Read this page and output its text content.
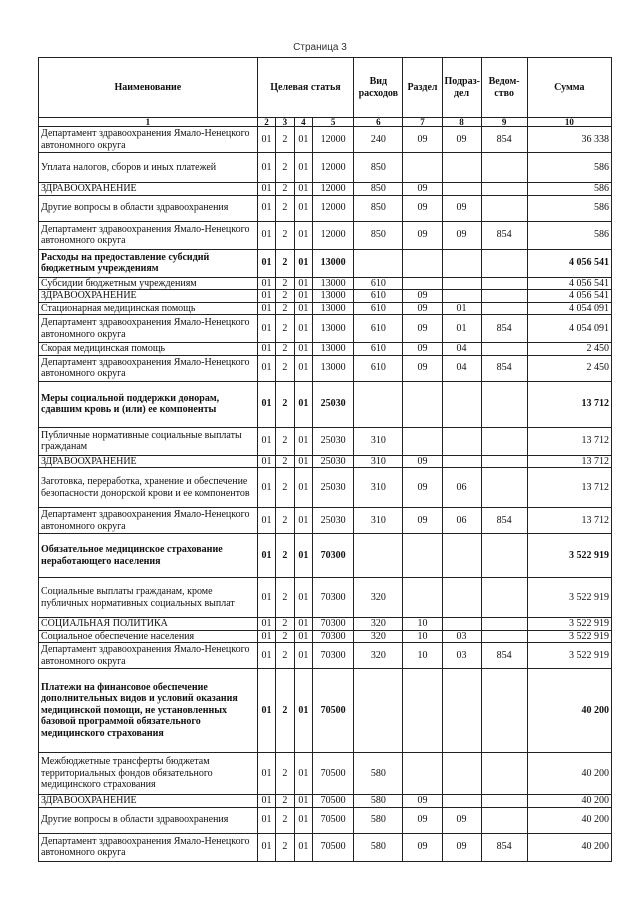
Страница 3
Наименование	Целевая статья				Вид расходов	Раздел	Подраз-дел	Ведом-ство	Сумма
1	2	3	4	5	6	7	8	9	10
Департамент здравоохранения Ямало-Ненецкого автономного округа	01	2	01	12000	240	09	09	854	36 338
Уплата налогов, сборов и иных платежей	01	2	01	12000	850				586
ЗДРАВООХРАНЕНИЕ	01	2	01	12000	850	09			586
Другие вопросы в области здравоохранения	01	2	01	12000	850	09	09		586
Департамент здравоохранения Ямало-Ненецкого автономного округа	01	2	01	12000	850	09	09	854	586
Расходы на предоставление субсидий бюджетным учреждениям	01	2	01	13000					4 056 541
Субсидии бюджетным учреждениям	01	2	01	13000	610				4 056 541
ЗДРАВООХРАНЕНИЕ	01	2	01	13000	610	09			4 056 541
Стационарная медицинская помощь	01	2	01	13000	610	09	01		4 054 091
Департамент здравоохранения Ямало-Ненецкого автономного округа	01	2	01	13000	610	09	01	854	4 054 091
Скорая медицинская помощь	01	2	01	13000	610	09	04		2 450
Департамент здравоохранения Ямало-Ненецкого автономного округа	01	2	01	13000	610	09	04	854	2 450
Меры социальной поддержки донорам, сдавшим кровь и (или) ее компоненты	01	2	01	25030					13 712
Публичные нормативные социальные выплаты гражданам	01	2	01	25030	310				13 712
ЗДРАВООХРАНЕНИЕ	01	2	01	25030	310	09			13 712
Заготовка, переработка, хранение и обеспечение безопасности донорской крови и ее компонентов	01	2	01	25030	310	09	06		13 712
Департамент здравоохранения Ямало-Ненецкого автономного округа	01	2	01	25030	310	09	06	854	13 712
Обязательное медицинское страхование неработающего населения	01	2	01	70300					3 522 919
Социальные выплаты гражданам, кроме публичных нормативных социальных выплат	01	2	01	70300	320				3 522 919
СОЦИАЛЬНАЯ ПОЛИТИКА	01	2	01	70300	320	10			3 522 919
Социальное обеспечение населения	01	2	01	70300	320	10	03		3 522 919
Департамент здравоохранения Ямало-Ненецкого автономного округа	01	2	01	70300	320	10	03	854	3 522 919
Платежи на финансовое обеспечение дополнительных видов и условий оказания медицинской помощи, не установленных базовой программой обязательного медицинского страхования	01	2	01	70500					40 200
Межбюджетные трансферты бюджетам территориальных фондов обязательного медицинского страхования	01	2	01	70500	580				40 200
ЗДРАВООХРАНЕНИЕ	01	2	01	70500	580	09			40 200
Другие вопросы в области здравоохранения	01	2	01	70500	580	09	09		40 200
Департамент здравоохранения Ямало-Ненецкого автономного округа	01	2	01	70500	580	09	09	854	40 200
